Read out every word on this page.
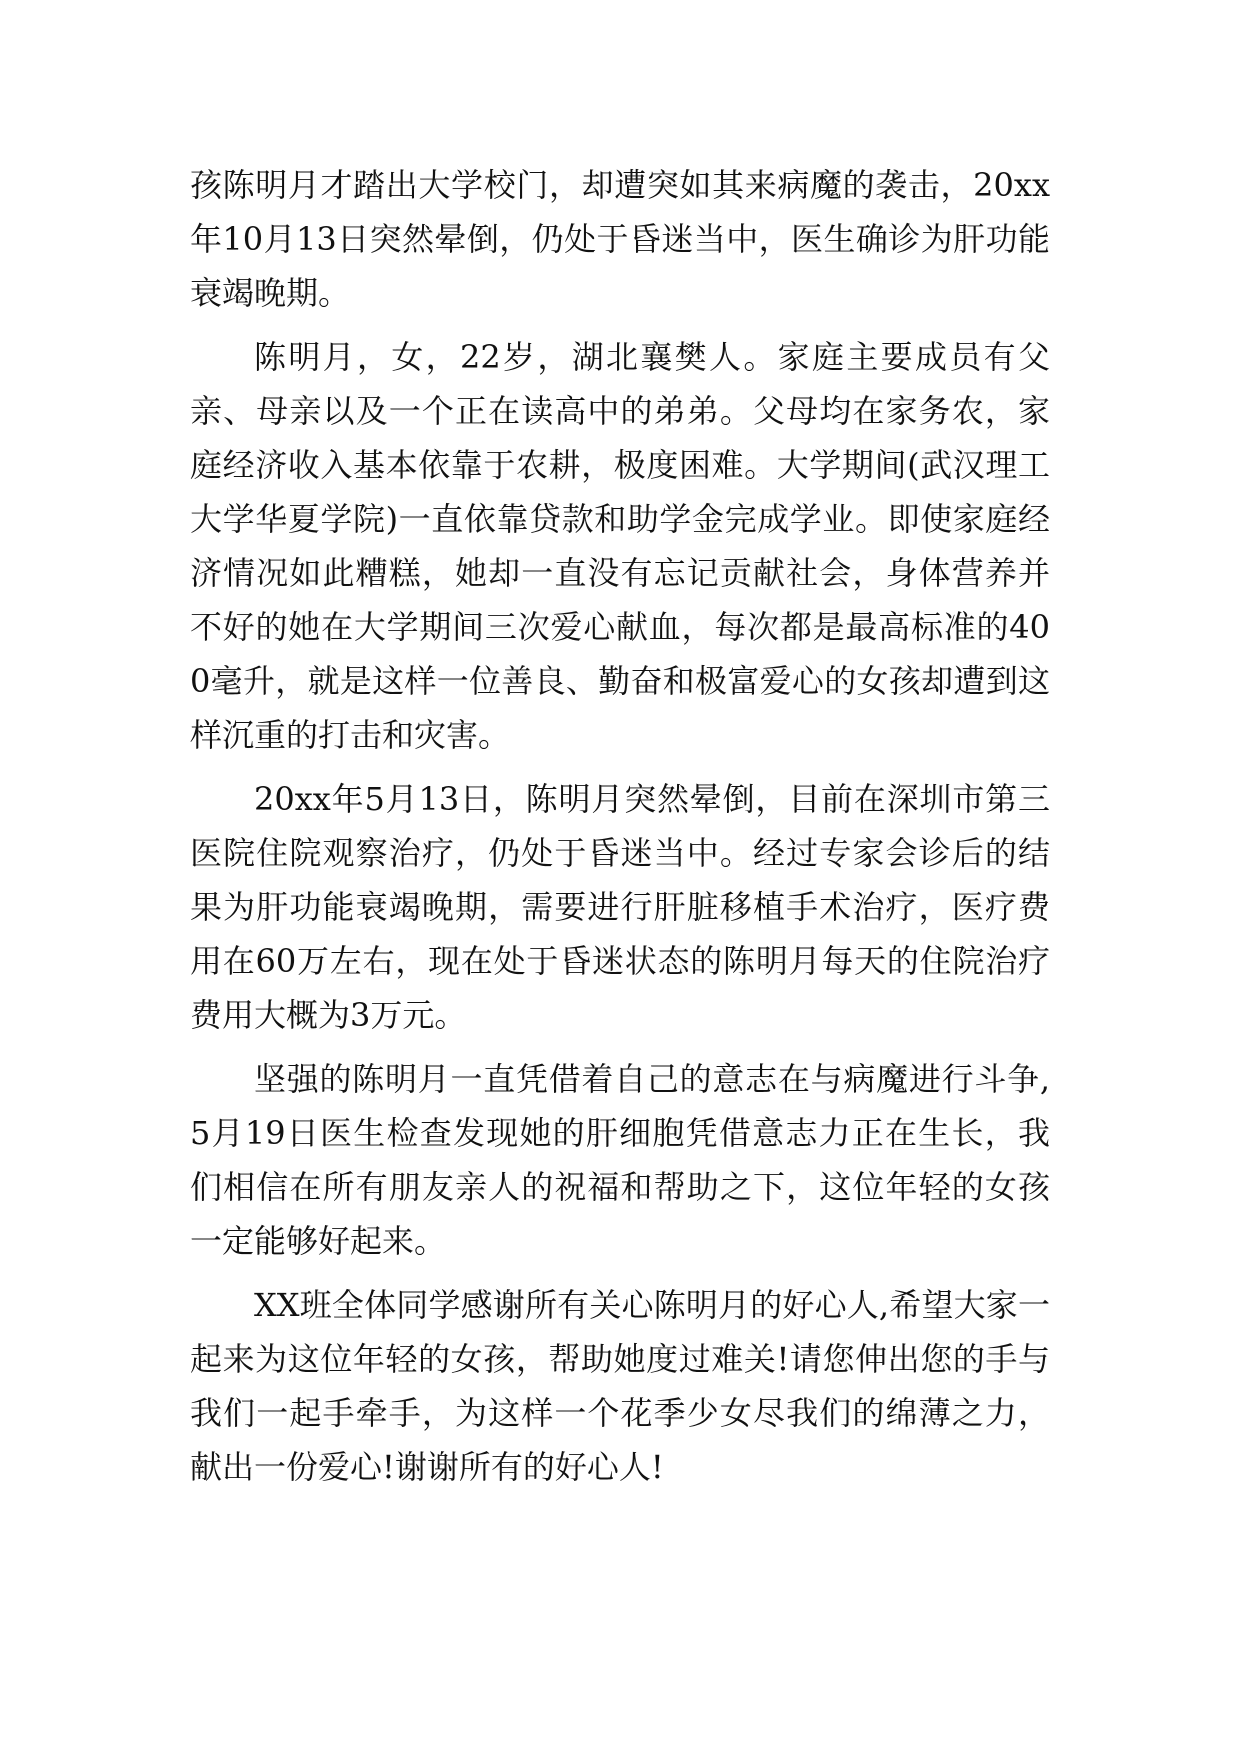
孩陈明月才踏出大学校门，却遭突如其来病魔的袭击，20xx年10月13日突然晕倒，仍处于昏迷当中，医生确诊为肝功能衰竭晚期。

陈明月，女，22岁，湖北襄樊人。家庭主要成员有父亲、母亲以及一个正在读高中的弟弟。父母均在家务农，家庭经济收入基本依靠于农耕，极度困难。大学期间(武汉理工大学华夏学院)一直依靠贷款和助学金完成学业。即使家庭经济情况如此糟糕，她却一直没有忘记贡献社会，身体营养并不好的她在大学期间三次爱心献血，每次都是最高标准的400毫升，就是这样一位善良、勤奋和极富爱心的女孩却遭到这样沉重的打击和灾害。

20xx年5月13日，陈明月突然晕倒，目前在深圳市第三医院住院观察治疗，仍处于昏迷当中。经过专家会诊后的结果为肝功能衰竭晚期，需要进行肝脏移植手术治疗，医疗费用在60万左右，现在处于昏迷状态的陈明月每天的住院治疗费用大概为3万元。

坚强的陈明月一直凭借着自己的意志在与病魔进行斗争,5月19日医生检查发现她的肝细胞凭借意志力正在生长，我们相信在所有朋友亲人的祝福和帮助之下，这位年轻的女孩一定能够好起来。

XX班全体同学感谢所有关心陈明月的好心人,希望大家一起来为这位年轻的女孩，帮助她度过难关!请您伸出您的手与我们一起手牵手，为这样一个花季少女尽我们的绵薄之力，献出一份爱心!谢谢所有的好心人!
